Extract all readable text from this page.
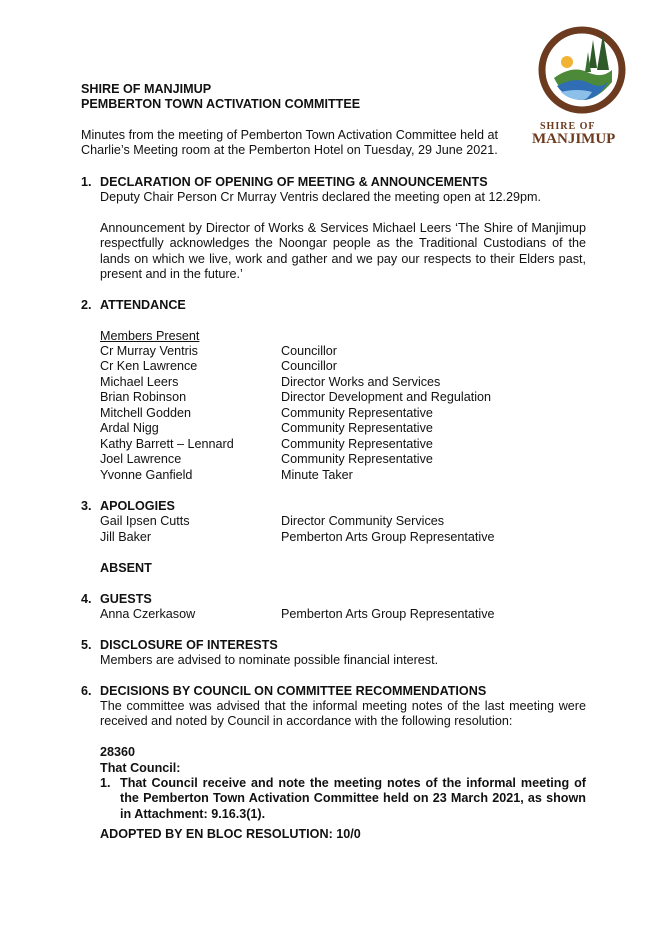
SHIRE OF
MANJIMUP
SHIRE OF MANJIMUP
PEMBERTON TOWN ACTIVATION COMMITTEE
Minutes from the meeting of Pemberton Town Activation Committee held at Charlie’s Meeting room at the Pemberton Hotel on Tuesday, 29 June 2021.
1. DECLARATION OF OPENING OF MEETING & ANNOUNCEMENTS
Deputy Chair Person Cr Murray Ventris declared the meeting open at 12.29pm.
Announcement by Director of Works & Services Michael Leers ‘The Shire of Manjimup respectfully acknowledges the Noongar people as the Traditional Custodians of the lands on which we live, work and gather and we pay our respects to their Elders past, present and in the future.’
2. ATTENDANCE
Members Present
Cr Murray Ventris	Councillor
Cr Ken Lawrence	Councillor
Michael Leers	Director Works and Services
Brian Robinson	Director Development and Regulation
Mitchell Godden	Community Representative
Ardal Nigg	Community Representative
Kathy Barrett – Lennard	Community Representative
Joel Lawrence	Community Representative
Yvonne Ganfield	Minute Taker
3. APOLOGIES
Gail Ipsen Cutts	Director Community Services
Jill Baker	Pemberton Arts Group Representative
ABSENT
4. GUESTS
Anna Czerkasow	Pemberton Arts Group Representative
5. DISCLOSURE OF INTERESTS
Members are advised to nominate possible financial interest.
6. DECISIONS BY COUNCIL ON COMMITTEE RECOMMENDATIONS
The committee was advised that the informal meeting notes of the last meeting were received and noted by Council in accordance with the following resolution:
28360
That Council:
1. That Council receive and note the meeting notes of the informal meeting of the Pemberton Town Activation Committee held on 23 March 2021, as shown in Attachment: 9.16.3(1).
ADOPTED BY EN BLOC RESOLUTION: 10/0
